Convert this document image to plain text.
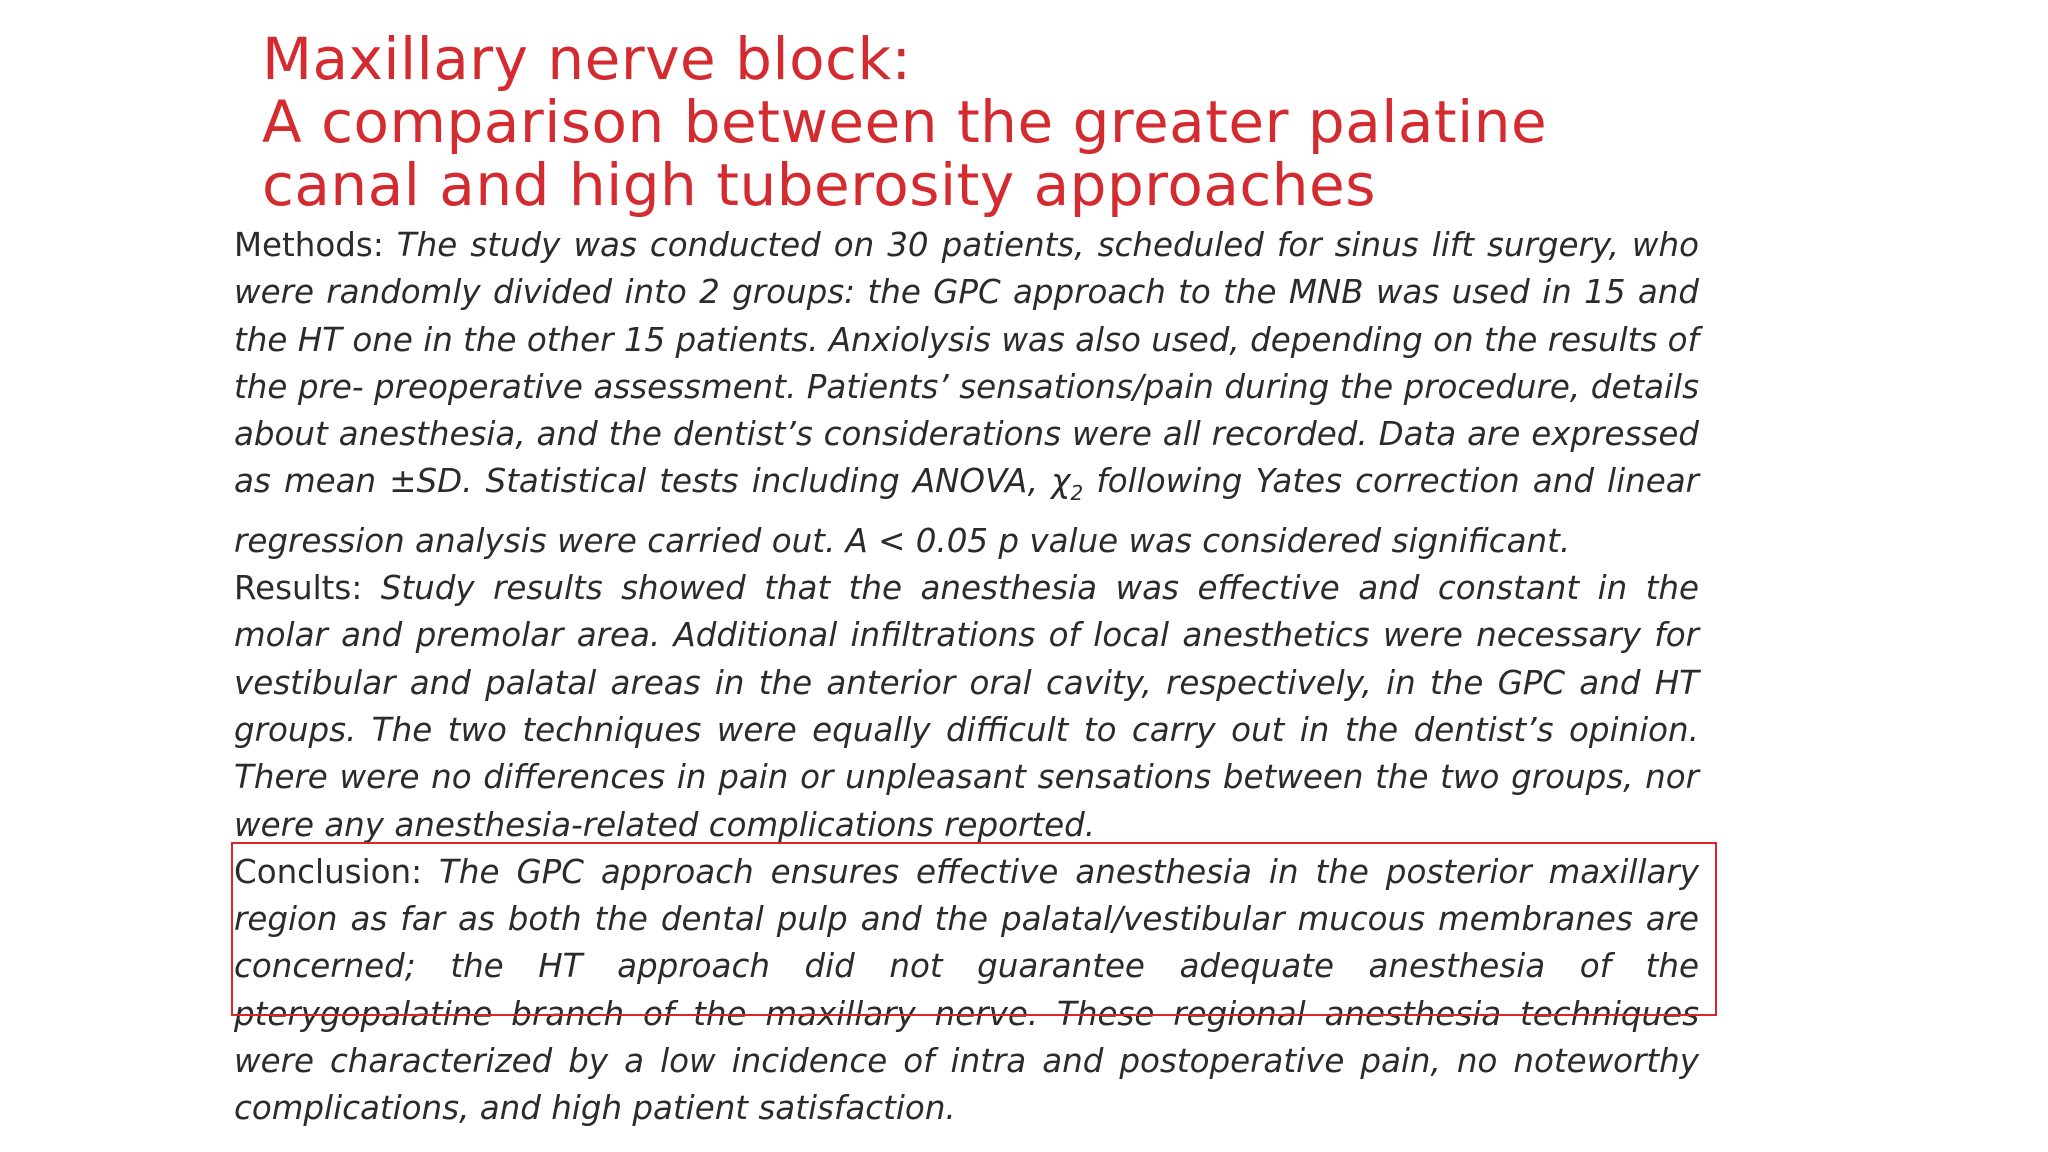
Maxillary nerve block:
A comparison between the greater palatine
canal and high tuberosity approaches

Methods: The study was conducted on 30 patients, scheduled for sinus lift surgery, who were randomly divided into 2 groups: the GPC approach to the MNB was used in 15 and the HT one in the other 15 patients. Anxiolysis was also used, depending on the results of the pre- preoperative assessment. Patients’ sensations/pain during the procedure, details about anesthesia, and the dentist’s considerations were all recorded. Data are expressed as mean ±SD. Statistical tests including ANOVA, $\chi_2$ following Yates correction and linear regression analysis were carried out. A < 0.05 p value was considered significant.

Results: Study results showed that the anesthesia was effective and constant in the molar and premolar area. Additional infiltrations of local anesthetics were necessary for vestibular and palatal areas in the anterior oral cavity, respectively, in the GPC and HT groups. The two techniques were equally difficult to carry out in the dentist’s opinion. There were no differences in pain or unpleasant sensations between the two groups, nor were any anesthesia-related complications reported.

Conclusion: The GPC approach ensures effective anesthesia in the posterior maxillary region as far as both the dental pulp and the palatal/vestibular mucous membranes are concerned; the HT approach did not guarantee adequate anesthesia of the pterygopalatine branch of the maxillary nerve. These regional anesthesia techniques were characterized by a low incidence of intra and postoperative pain, no noteworthy complications, and high patient satisfaction.
